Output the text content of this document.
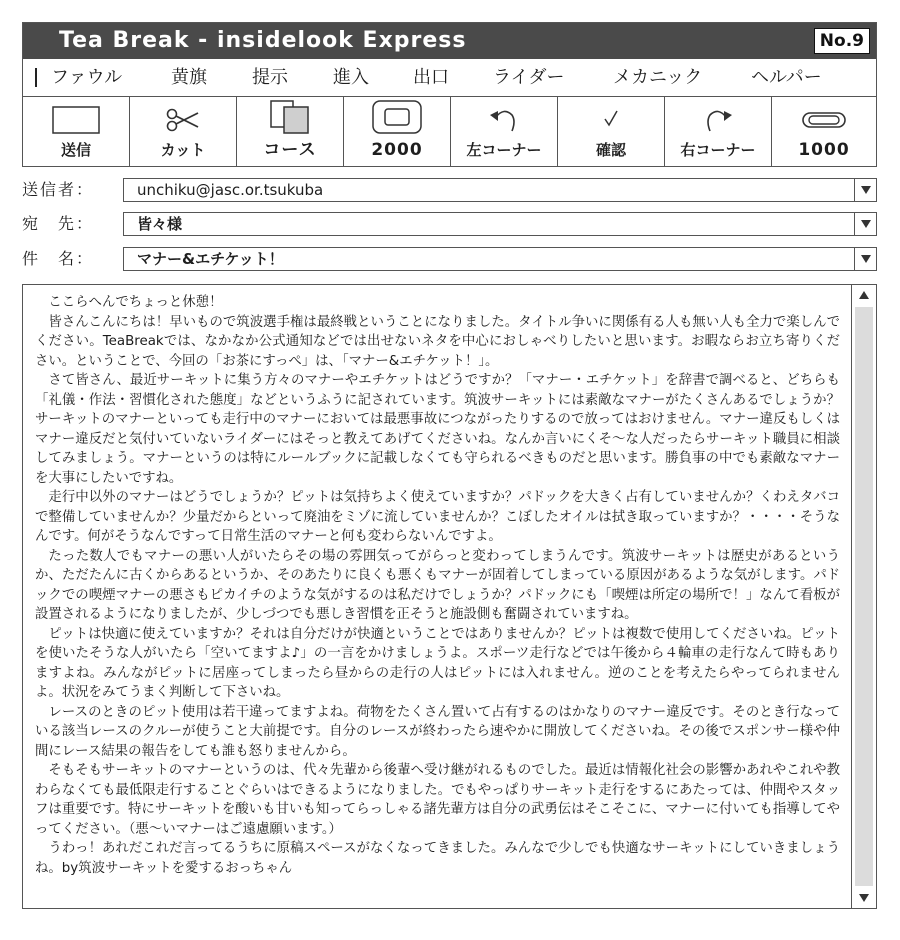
Tea Break - insidelook Express	No.9
ファウル	黄旗	提示	進入 出口 ライダー	メカニック	ヘルパー
送信	カット	コース	2000	左コーナー	確認	右コーナー	1000
送信者：	unchiku@jasc.or.tsukuba
宛　先：	皆々様
件　名：	マナー&エチケット！

ここらへんでちょっと休憩！

皆さんこんにちは！早いもので筑波選手権は最終戦ということになりました。タイトル争いに関係有る人も無い人も全力で楽しんでください。TeaBreakでは、なかなか公式通知などでは出せないネタを中心におしゃべりしたいと思います。お暇ならお立ち寄りください。ということで、今回の「お茶にすっぺ」は、「マナー&エチケット！」。

さて皆さん、最近サーキットに集う方々のマナーやエチケットはどうですか？「マナー・エチケット」を辞書で調べると、どちらも「礼儀・作法・習慣化された態度」などというふうに記されています。筑波サーキットには素敵なマナーがたくさんあるでしょうか？サーキットのマナーといっても走行中のマナーにおいては最悪事故につながったりするので放ってはおけません。マナー違反もしくはマナー違反だと気付いていないライダーにはそっと教えてあげてくださいね。なんか言いにくそ〜な人だったらサーキット職員に相談してみましょう。マナーというのは特にルールブックに記載しなくても守られるべきものだと思います。勝負事の中でも素敵なマナーを大事にしたいですね。

走行中以外のマナーはどうでしょうか？ピットは気持ちよく使えていますか？パドックを大きく占有していませんか？くわえタバコで整備していませんか？少量だからといって廃油をミゾに流していませんか？こぼしたオイルは拭き取っていますか？・・・・そうなんです。何がそうなんですって日常生活のマナーと何も変わらないんですよ。

たった数人でもマナーの悪い人がいたらその場の雰囲気ってがらっと変わってしまうんです。筑波サーキットは歴史があるというか、ただたんに古くからあるというか、そのあたりに良くも悪くもマナーが固着してしまっている原因があるような気がします。パドックでの喫煙マナーの悪さもピカイチのような気がするのは私だけでしょうか？パドックにも「喫煙は所定の場所で！」なんて看板が設置されるようになりましたが、少しづつでも悪しき習慣を正そうと施設側も奮闘されていますね。

ピットは快適に使えていますか？それは自分だけが快適ということではありませんか？ピットは複数で使用してくださいね。ピットを使いたそうな人がいたら「空いてますよ♪」の一言をかけましょうよ。スポーツ走行などでは午後から４輪車の走行なんて時もありますよね。みんながピットに居座ってしまったら昼からの走行の人はピットには入れません。逆のことを考えたらやってられませんよ。状況をみてうまく判断して下さいね。

レースのときのピット使用は若干違ってますよね。荷物をたくさん置いて占有するのはかなりのマナー違反です。そのとき行なっている該当レースのクルーが使うこと大前提です。自分のレースが終わったら速やかに開放してくださいね。その後でスポンサー様や仲間にレース結果の報告をしても誰も怒りませんから。

そもそもサーキットのマナーというのは、代々先輩から後輩へ受け継がれるものでした。最近は情報化社会の影響かあれやこれや教わらなくても最低限走行することぐらいはできるようになりました。でもやっぱりサーキット走行をするにあたっては、仲間やスタッフは重要です。特にサーキットを酸いも甘いも知ってらっしゃる諸先輩方は自分の武勇伝はそこそこに、マナーに付いても指導してやってください。（悪〜いマナーはご遠慮願います。）

うわっ！あれだこれだ言ってるうちに原稿スペースがなくなってきました。みんなで少しでも快適なサーキットにしていきましょうね。by筑波サーキットを愛するおっちゃん
